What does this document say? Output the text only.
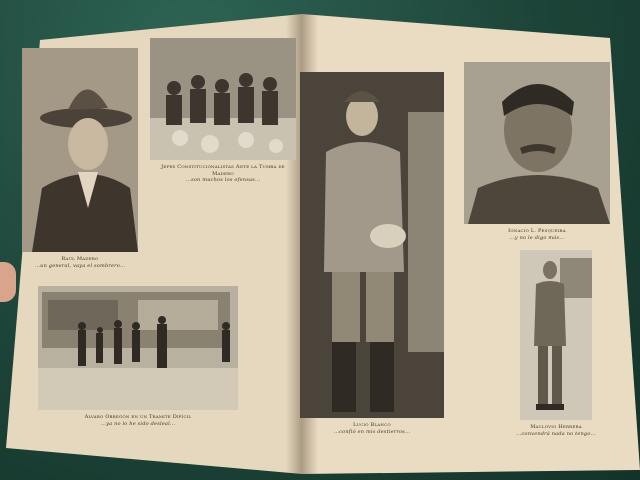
Raúl Madero
...un general, vaya el sombrero...
Jefes Constitucionalistas Ante la Tumba de Madero
...son muchos los ofensas...
Álvaro Obregón en un Tramite Difícil
...ya no lo he sido desleal...	Lucio Blanco
...confió en mis destierros...
Ignacio L. Pesqueira
...y no le digo más...
Maclovio Herrera
...convendrá nada no tengo...
